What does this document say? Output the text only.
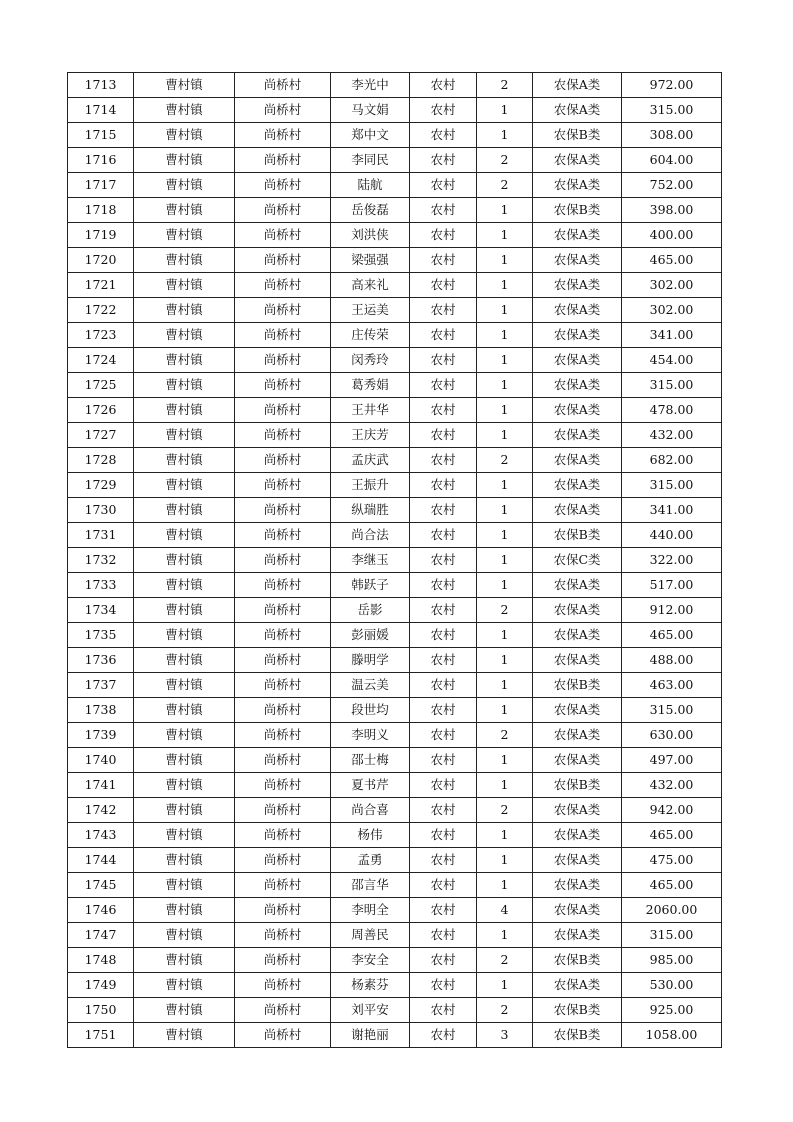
1713	曹村镇	尚桥村	李光中	农村	2	农保A类	972.00
1714	曹村镇	尚桥村	马文娟	农村	1	农保A类	315.00
1715	曹村镇	尚桥村	郑中文	农村	1	农保B类	308.00
1716	曹村镇	尚桥村	李同民	农村	2	农保A类	604.00
1717	曹村镇	尚桥村	陆航	农村	2	农保A类	752.00
1718	曹村镇	尚桥村	岳俊磊	农村	1	农保B类	398.00
1719	曹村镇	尚桥村	刘洪侠	农村	1	农保A类	400.00
1720	曹村镇	尚桥村	梁强强	农村	1	农保A类	465.00
1721	曹村镇	尚桥村	高来礼	农村	1	农保A类	302.00
1722	曹村镇	尚桥村	王运美	农村	1	农保A类	302.00
1723	曹村镇	尚桥村	庄传荣	农村	1	农保A类	341.00
1724	曹村镇	尚桥村	闵秀玲	农村	1	农保A类	454.00
1725	曹村镇	尚桥村	葛秀娟	农村	1	农保A类	315.00
1726	曹村镇	尚桥村	王井华	农村	1	农保A类	478.00
1727	曹村镇	尚桥村	王庆芳	农村	1	农保A类	432.00
1728	曹村镇	尚桥村	孟庆武	农村	2	农保A类	682.00
1729	曹村镇	尚桥村	王振升	农村	1	农保A类	315.00
1730	曹村镇	尚桥村	纵瑞胜	农村	1	农保A类	341.00
1731	曹村镇	尚桥村	尚合法	农村	1	农保B类	440.00
1732	曹村镇	尚桥村	李继玉	农村	1	农保C类	322.00
1733	曹村镇	尚桥村	韩跃子	农村	1	农保A类	517.00
1734	曹村镇	尚桥村	岳影	农村	2	农保A类	912.00
1735	曹村镇	尚桥村	彭丽媛	农村	1	农保A类	465.00
1736	曹村镇	尚桥村	滕明学	农村	1	农保A类	488.00
1737	曹村镇	尚桥村	温云美	农村	1	农保B类	463.00
1738	曹村镇	尚桥村	段世均	农村	1	农保A类	315.00
1739	曹村镇	尚桥村	李明义	农村	2	农保A类	630.00
1740	曹村镇	尚桥村	邵士梅	农村	1	农保A类	497.00
1741	曹村镇	尚桥村	夏书芹	农村	1	农保B类	432.00
1742	曹村镇	尚桥村	尚合喜	农村	2	农保A类	942.00
1743	曹村镇	尚桥村	杨伟	农村	1	农保A类	465.00
1744	曹村镇	尚桥村	孟勇	农村	1	农保A类	475.00
1745	曹村镇	尚桥村	邵言华	农村	1	农保A类	465.00
1746	曹村镇	尚桥村	李明全	农村	4	农保A类	2060.00
1747	曹村镇	尚桥村	周善民	农村	1	农保A类	315.00
1748	曹村镇	尚桥村	李安全	农村	2	农保B类	985.00
1749	曹村镇	尚桥村	杨素芬	农村	1	农保A类	530.00
1750	曹村镇	尚桥村	刘平安	农村	2	农保B类	925.00
1751	曹村镇	尚桥村	谢艳丽	农村	3	农保B类	1058.00
